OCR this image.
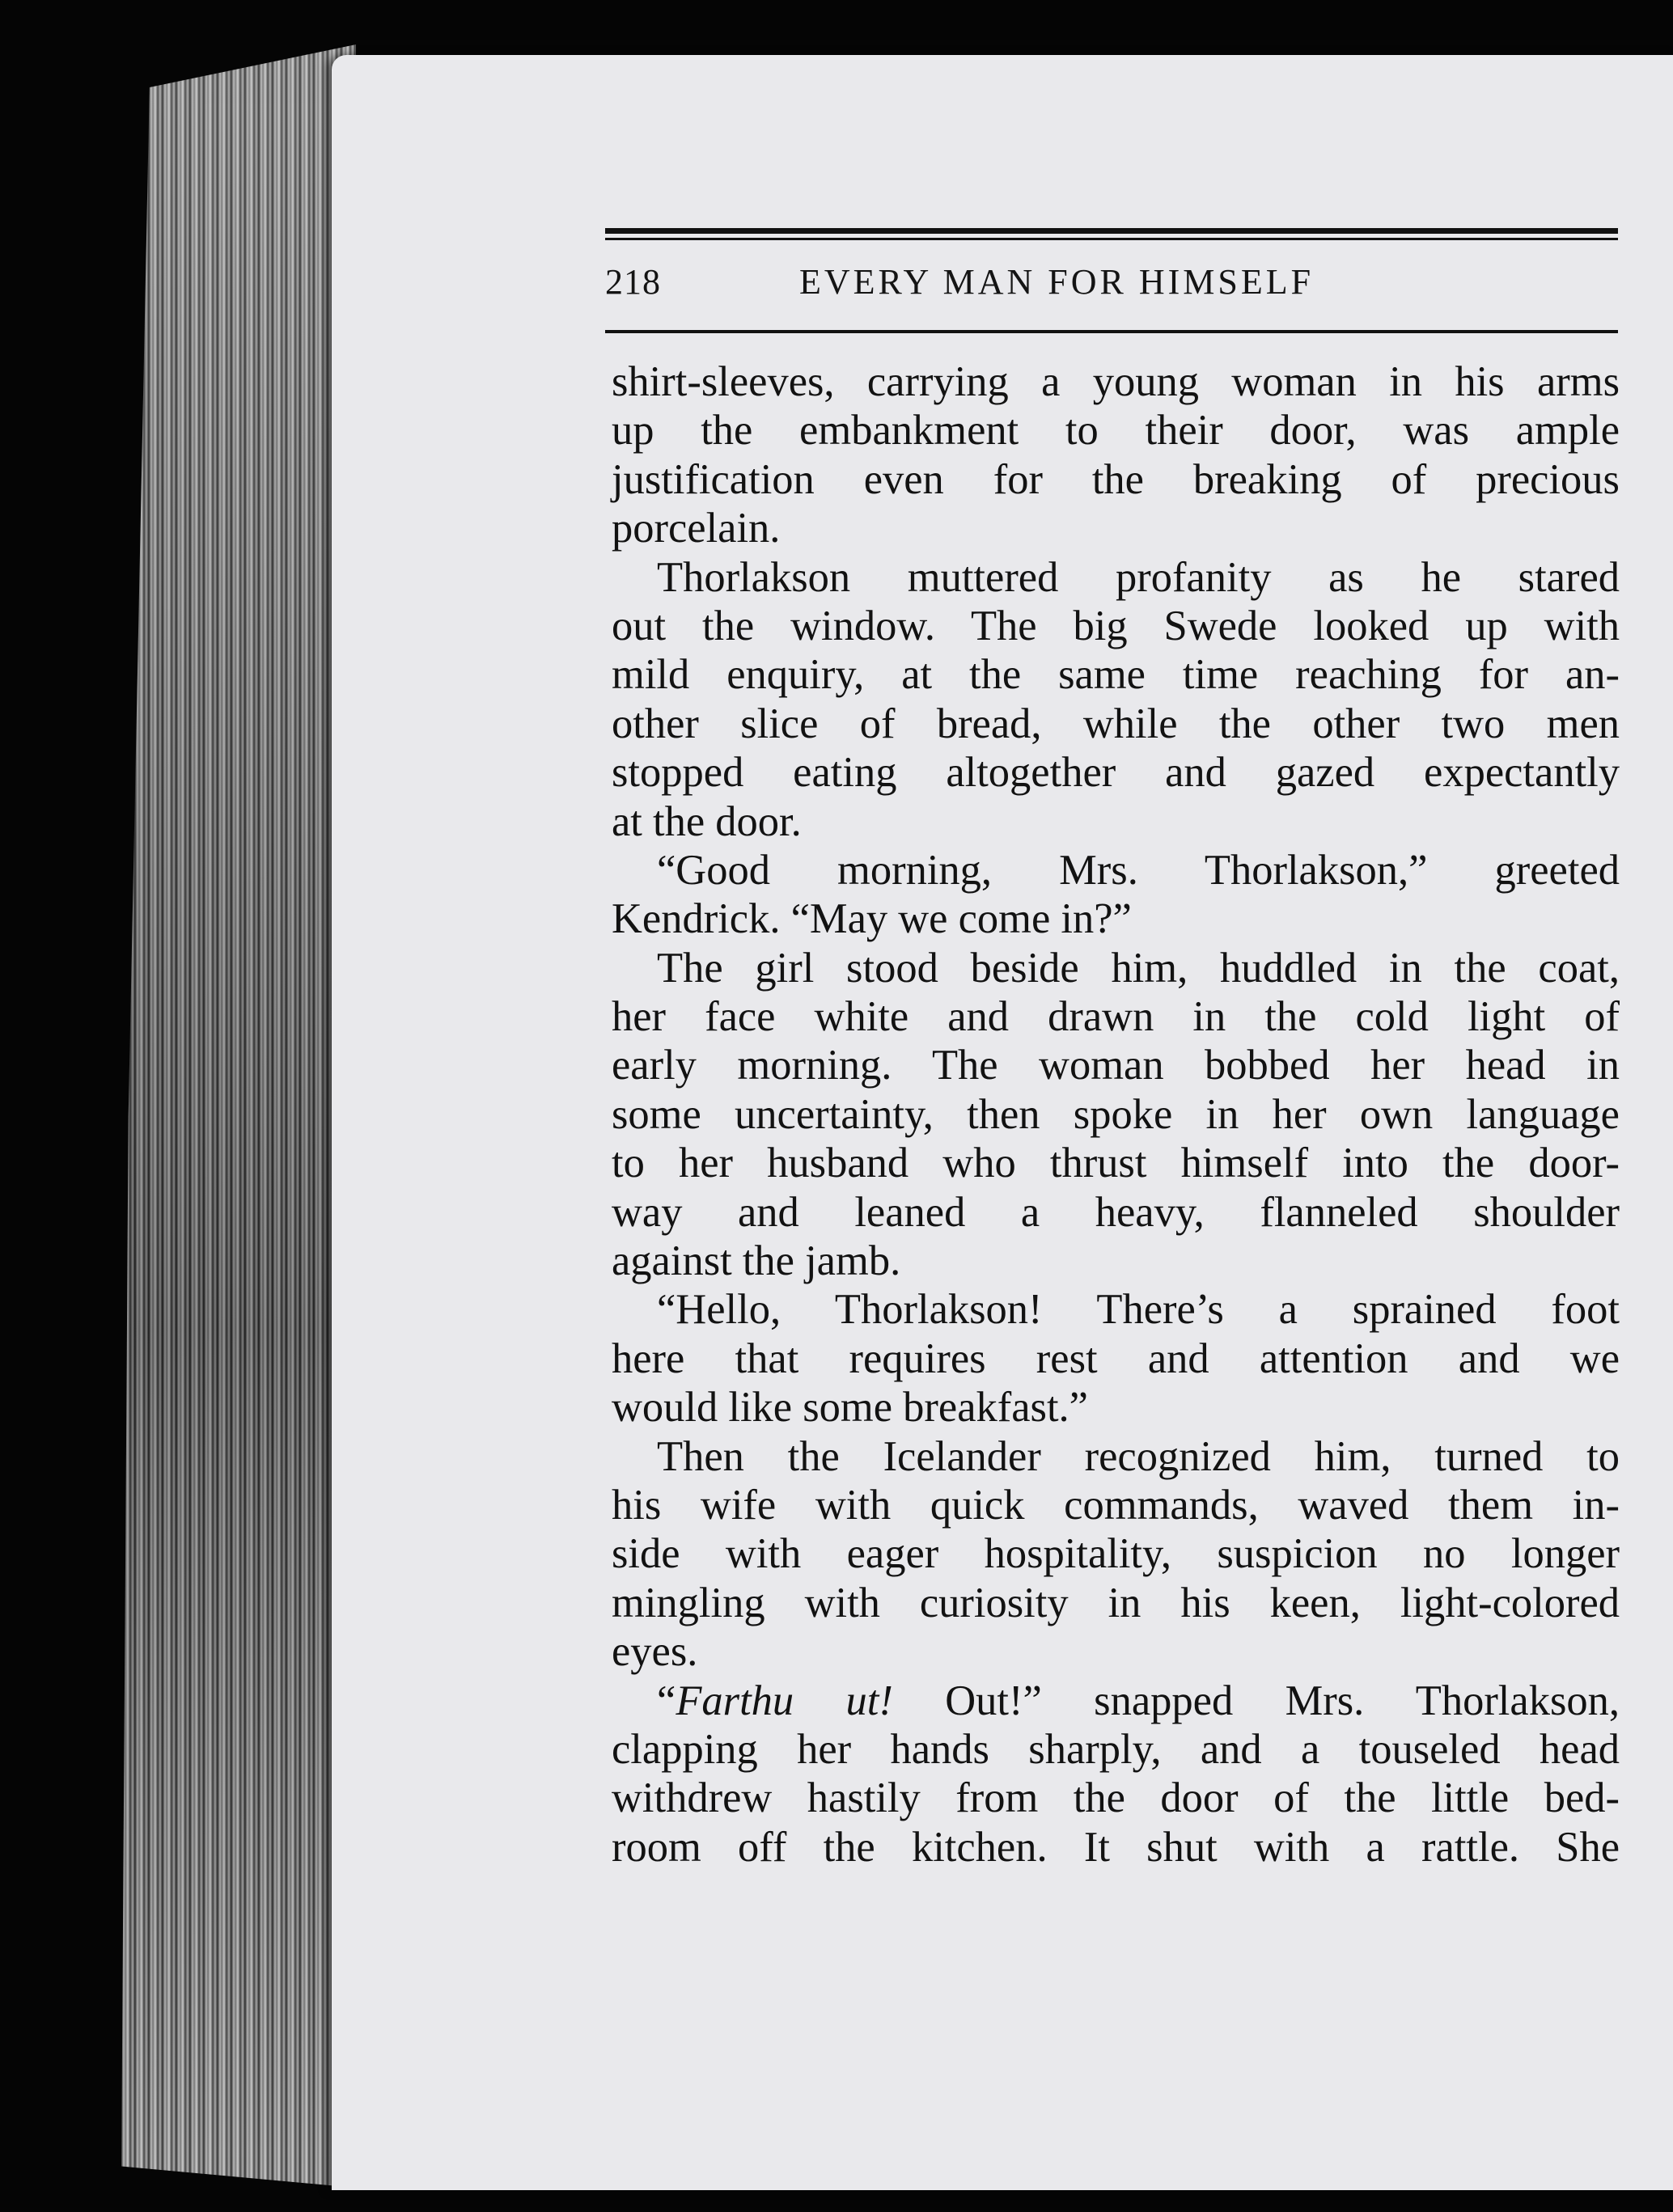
218	EVERY MAN FOR HIMSELF
shirt-sleeves, carrying a young woman in his arms
up the embankment to their door, was ample
justification even for the breaking of precious
porcelain.
Thorlakson muttered profanity as he stared
out the window. The big Swede looked up with
mild enquiry, at the same time reaching for an-
other slice of bread, while the other two men
stopped eating altogether and gazed expectantly
at the door.
“Good morning, Mrs. Thorlakson,” greeted
Kendrick. “May we come in?”
The girl stood beside him, huddled in the coat,
her face white and drawn in the cold light of
early morning. The woman bobbed her head in
some uncertainty, then spoke in her own language
to her husband who thrust himself into the door-
way and leaned a heavy, flanneled shoulder
against the jamb.
“Hello, Thorlakson! There’s a sprained foot
here that requires rest and attention and we
would like some breakfast.”
Then the Icelander recognized him, turned to
his wife with quick commands, waved them in-
side with eager hospitality, suspicion no longer
mingling with curiosity in his keen, light-colored
eyes.
“Farthu ut! Out!” snapped Mrs. Thorlakson,
clapping her hands sharply, and a touseled head
withdrew hastily from the door of the little bed-
room off the kitchen. It shut with a rattle. She
